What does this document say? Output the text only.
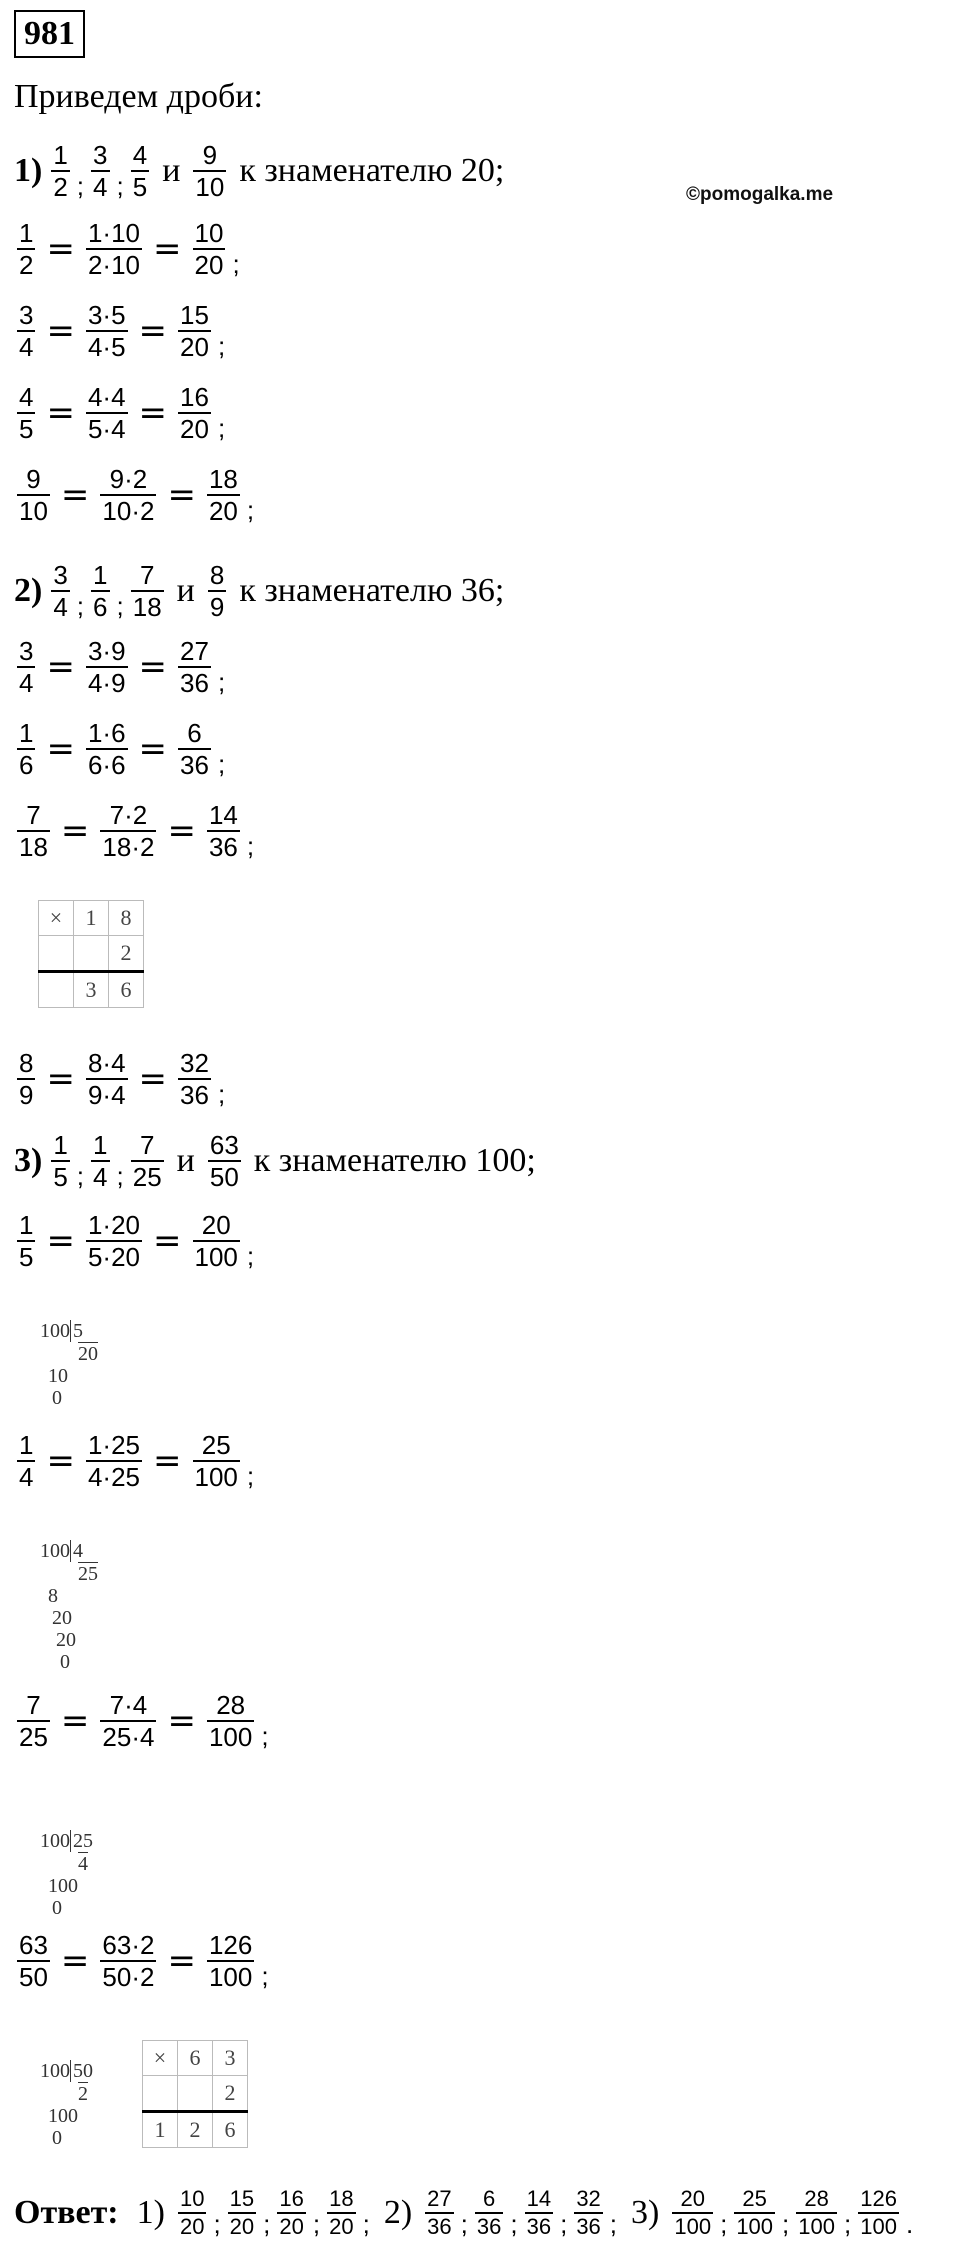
981
Приведем дроби:
©pomogalka.me
$1) \frac{1}{2}$ ; $\frac{3}{4}$ ; $\frac{4}{5}$ и $\frac{9}{10}$ к знаменателю 20;
$2) \frac{3}{4}$ ; $\frac{1}{6}$ ; $\frac{7}{18}$ и $\frac{8}{9}$ к знаменателю 36;
$3) \frac{1}{5}$ ; $\frac{1}{4}$ ; $\frac{7}{25}$ и $\frac{63}{50}$ к знаменателю 100;
$\frac{1}{2} = \frac{1\cdot 10}{2\cdot 10} = \frac{10}{20}$ ;
$\frac{3}{4} = \frac{3\cdot 5}{4\cdot 5} = \frac{15}{20}$ ;
$\frac{4}{5} = \frac{4\cdot 4}{5\cdot 4} = \frac{16}{20}$ ;
$\frac{9}{10} = \frac{9\cdot 2}{10\cdot 2} = \frac{18}{20}$ ;
$\frac{3}{4} = \frac{3\cdot 9}{4\cdot 9} = \frac{27}{36}$ ;
$\frac{1}{6} = \frac{1\cdot 6}{6\cdot 6} = \frac{6}{36}$ ;
$\frac{7}{18} = \frac{7\cdot 2}{18\cdot 2} = \frac{14}{36}$ ;
$\frac{8}{9} = \frac{8\cdot 4}{9\cdot 4} = \frac{32}{36}$ ;
$\frac{1}{5} = \frac{1\cdot 20}{5\cdot 20} = \frac{20}{100}$ ;
$\frac{1}{4} = \frac{1\cdot 25}{4\cdot 25} = \frac{25}{100}$ ;
$\frac{7}{25} = \frac{7\cdot 4}{25\cdot 4} = \frac{28}{100}$ ;
$\frac{63}{50} = \frac{63\cdot 2}{50\cdot 2} = \frac{126}{100}$ ;
×	1	8
		2
	3	6
×	6	3
		2
1	2	6
100 5
20
10
0
100 4
25
8
20
20
0
100 25
4
100
0
100 50
2
100
0
Ответ: $1) \frac{10}{20}$ ; $\frac{15}{20}$ ; $\frac{16}{20}$ ; $\frac{18}{20}$ ; $2) \frac{27}{36}$ ; $\frac{6}{36}$ ; $\frac{14}{36}$ ; $\frac{32}{36}$ ; $3) \frac{20}{100}$ ; $\frac{25}{100}$ ; $\frac{28}{100}$ ; $\frac{126}{100}$ .
